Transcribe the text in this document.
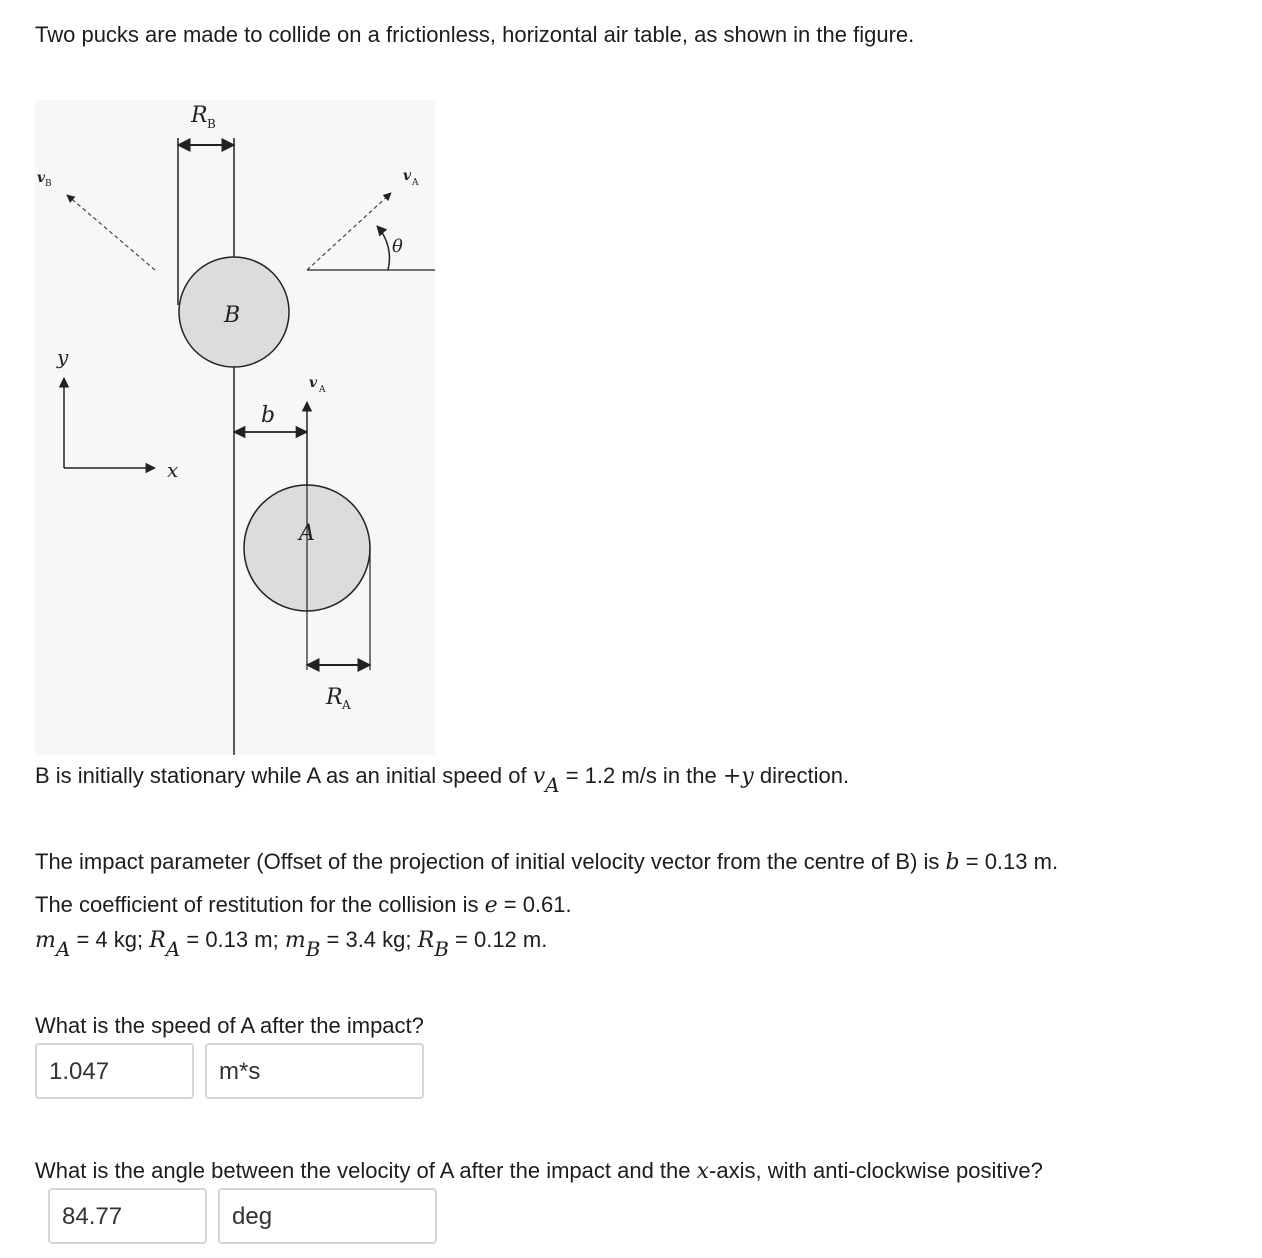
Two pucks are made to collide on a frictionless, horizontal air table, as shown in the figure.
R B
v B
θ
v A
B
y
x
b
v A
A
R A
B is initially stationary while A as an initial speed of vA = 1.2 m/s in the +y direction.
The impact parameter (Offset of the projection of initial velocity vector from the centre of B) is b = 0.13 m.
The coefficient of restitution for the collision is e = 0.61.
mA = 4 kg; RA = 0.13 m; mB = 3.4 kg; RB = 0.12 m.
What is the speed of A after the impact?
1.047	m*s
What is the angle between the velocity of A after the impact and the x-axis, with anti-clockwise positive?
84.77	deg
